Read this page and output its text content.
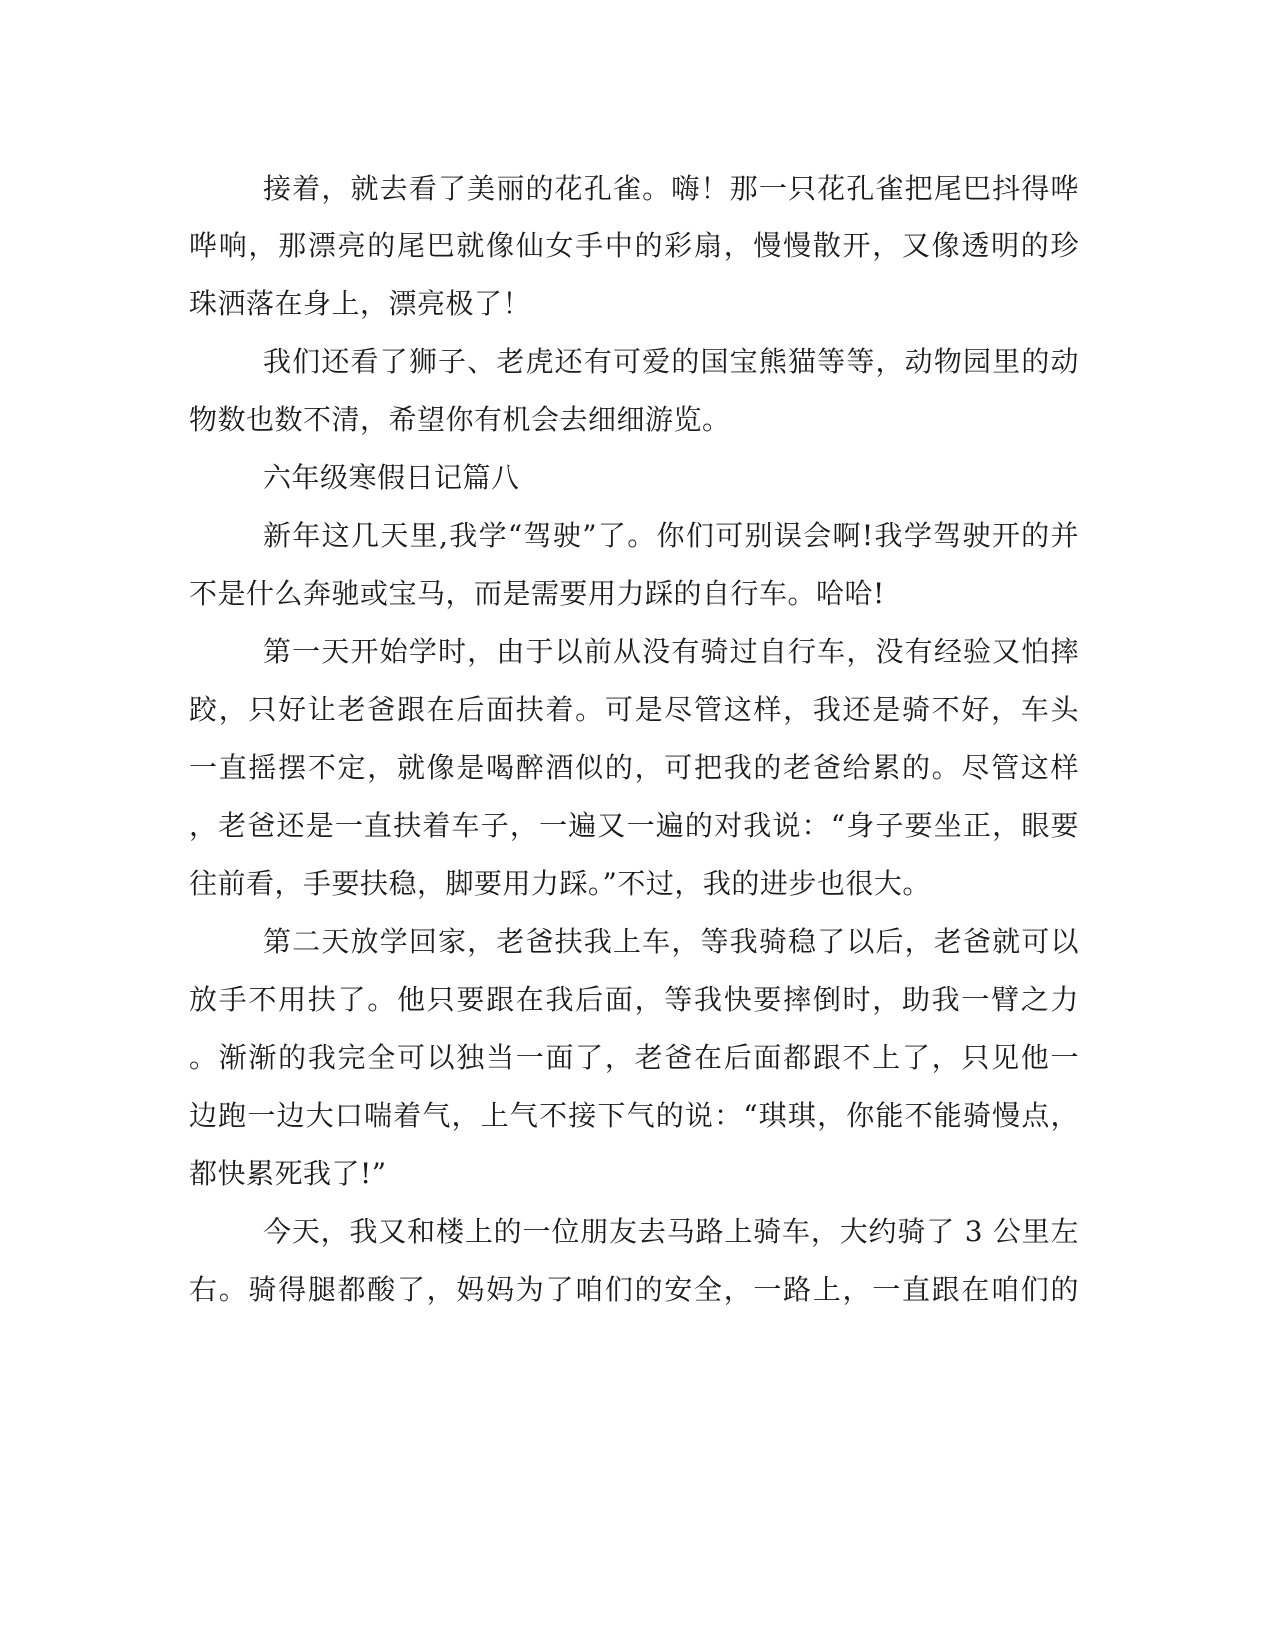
接着，就去看了美丽的花孔雀。嗨！那一只花孔雀把尾巴抖得哗
哗响，那漂亮的尾巴就像仙女手中的彩扇，慢慢散开，又像透明的珍
珠洒落在身上，漂亮极了！
我们还看了狮子、老虎还有可爱的国宝熊猫等等，动物园里的动
物数也数不清，希望你有机会去细细游览。
六年级寒假日记篇八
新年这几天里,我学“驾驶”了。你们可别误会啊!我学驾驶开的并
不是什么奔驰或宝马，而是需要用力踩的自行车。哈哈!
第一天开始学时，由于以前从没有骑过自行车，没有经验又怕摔
跤，只好让老爸跟在后面扶着。可是尽管这样，我还是骑不好，车头
一直摇摆不定，就像是喝醉酒似的，可把我的老爸给累的。尽管这样
，老爸还是一直扶着车子，一遍又一遍的对我说：“身子要坐正，眼要
往前看，手要扶稳，脚要用力踩。”不过，我的进步也很大。
第二天放学回家，老爸扶我上车，等我骑稳了以后，老爸就可以
放手不用扶了。他只要跟在我后面，等我快要摔倒时，助我一臂之力
。渐渐的我完全可以独当一面了，老爸在后面都跟不上了，只见他一
边跑一边大口喘着气，上气不接下气的说：“琪琪，你能不能骑慢点，
都快累死我了!”
今天，我又和楼上的一位朋友去马路上骑车，大约骑了 3 公里左
右。骑得腿都酸了，妈妈为了咱们的安全，一路上，一直跟在咱们的
